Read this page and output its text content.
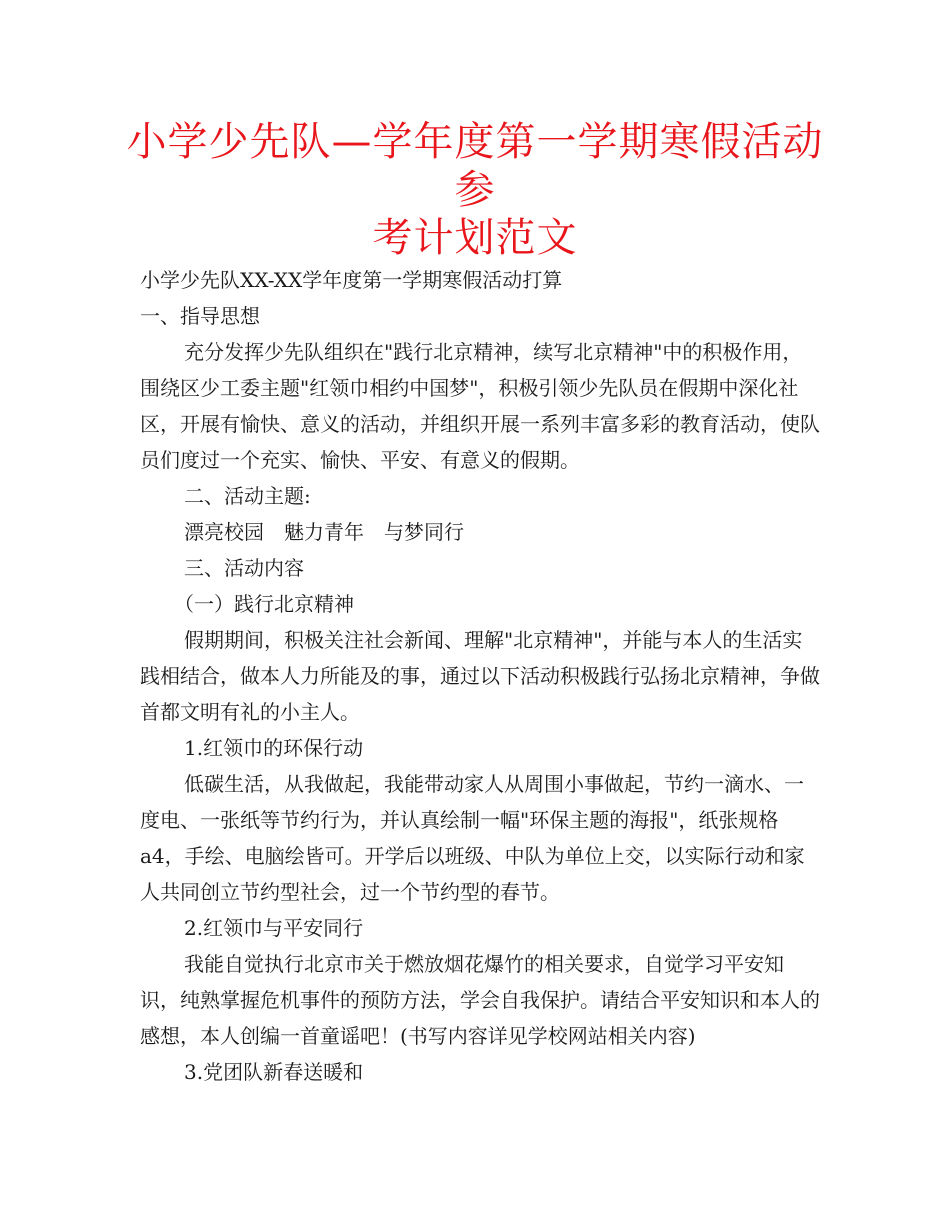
小学少先队—学年度第一学期寒假活动参
考计划范文

小学少先队XX-XX学年度第一学期寒假活动打算

一、指导思想

充分发挥少先队组织在"践行北京精神，续写北京精神"中的积极作用，围绕区少工委主题"红领巾相约中国梦"，积极引领少先队员在假期中深化社区，开展有愉快、意义的活动，并组织开展一系列丰富多彩的教育活动，使队员们度过一个充实、愉快、平安、有意义的假期。

二、活动主题:

漂亮校园　魅力青年　与梦同行

三、活动内容

（一）践行北京精神

假期期间，积极关注社会新闻、理解"北京精神"，并能与本人的生活实践相结合，做本人力所能及的事，通过以下活动积极践行弘扬北京精神，争做首都文明有礼的小主人。

1.红领巾的环保行动

低碳生活，从我做起，我能带动家人从周围小事做起，节约一滴水、一度电、一张纸等节约行为，并认真绘制一幅"环保主题的海报"，纸张规格a4，手绘、电脑绘皆可。开学后以班级、中队为单位上交，以实际行动和家人共同创立节约型社会，过一个节约型的春节。

2.红领巾与平安同行

我能自觉执行北京市关于燃放烟花爆竹的相关要求，自觉学习平安知识，纯熟掌握危机事件的预防方法，学会自我保护。请结合平安知识和本人的感想，本人创编一首童谣吧！(书写内容详见学校网站相关内容)

3.党团队新春送暖和
